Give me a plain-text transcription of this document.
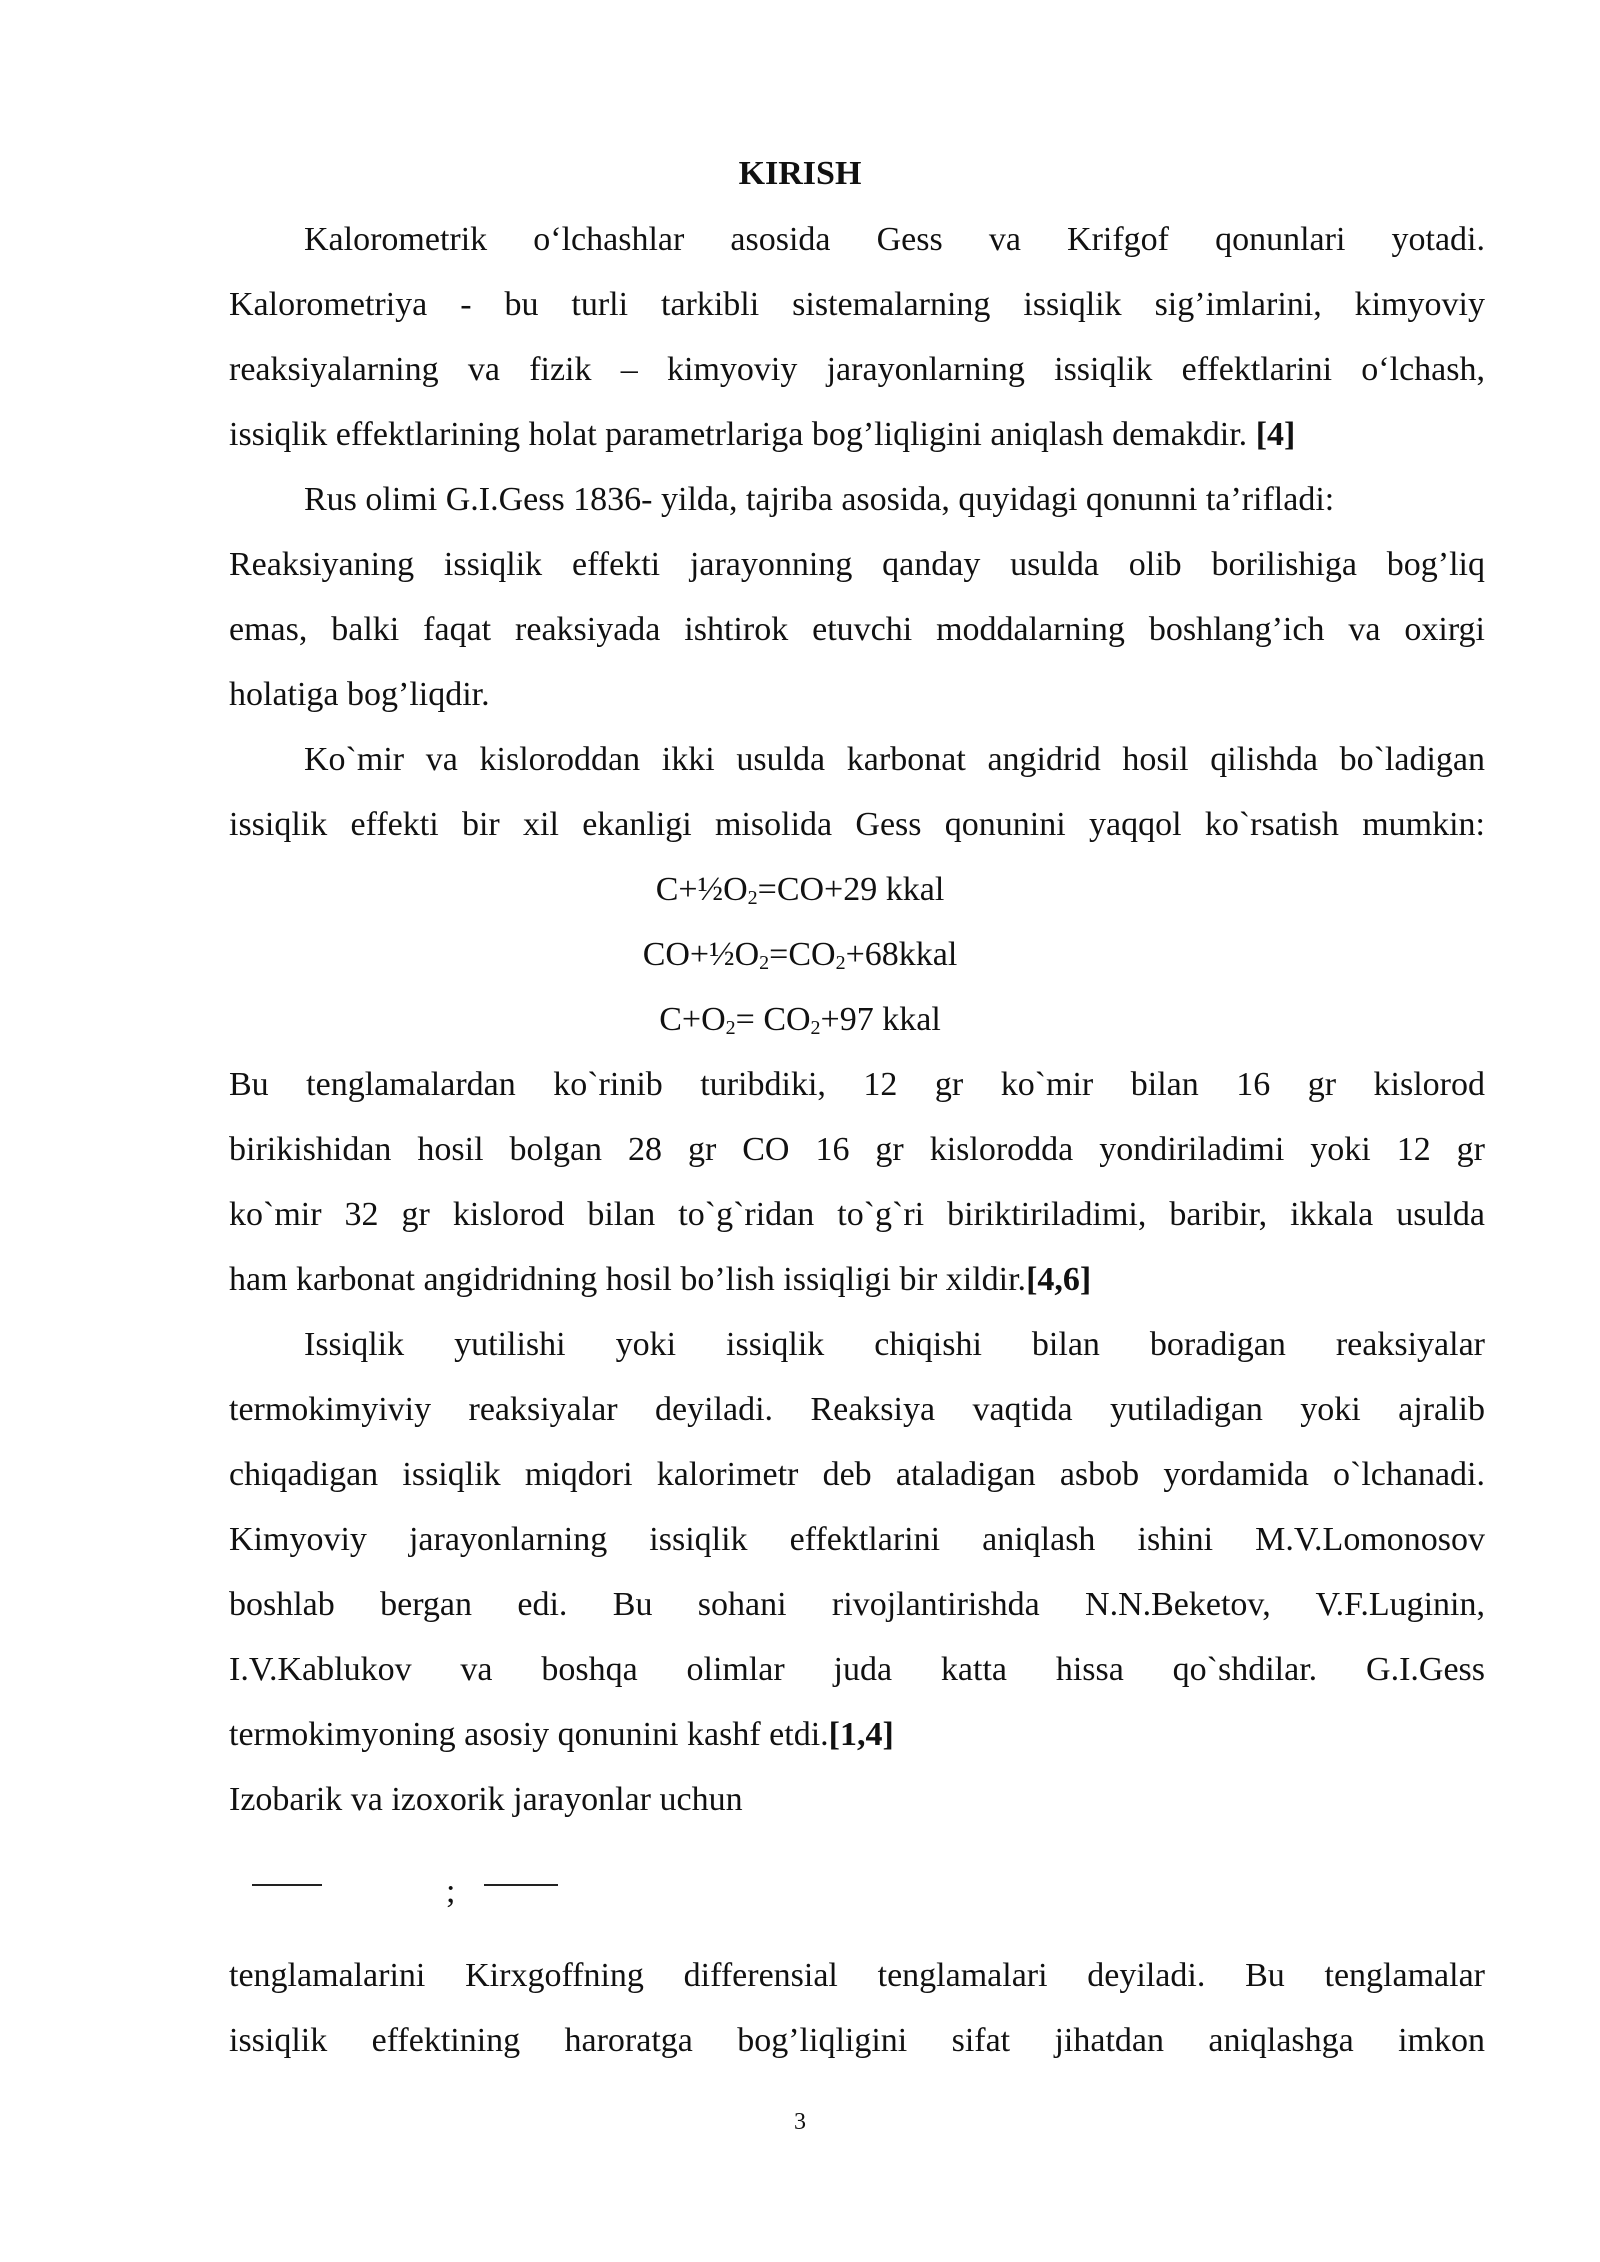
KIRISH
Kalorometrik o‘lchashlar asosida Gess va Krifgof qonunlari yotadi.
Kalorometriya - bu turli tarkibli sistemalarning issiqlik sig’imlarini, kimyoviy
reaksiyalarning va fizik – kimyoviy jarayonlarning issiqlik effektlarini o‘lchash,
issiqlik effektlarining holat parametrlariga bog’liqligini aniqlash demakdir. [4]
Rus olimi G.I.Gess 1836- yilda, tajriba asosida, quyidagi qonunni ta’rifladi:
Reaksiyaning issiqlik effekti jarayonning qanday usulda olib borilishiga bog’liq
emas, balki faqat reaksiyada ishtirok etuvchi moddalarning boshlang’ich va oxirgi
holatiga bog’liqdir.
Ko`mir va kisloroddan ikki usulda karbonat angidrid hosil qilishda bo`ladigan
issiqlik effekti bir xil ekanligi misolida Gess qonunini yaqqol ko`rsatish mumkin:
$C+\frac{1}{2}O_2=CO+29$ kkal
$CO+\frac{1}{2}O_2=CO_2+68kkal$
$C+O_2= CO_2+97$ kkal
Bu tenglamalardan ko`rinib turibdiki, 12 gr ko`mir bilan 16 gr kislorod
birikishidan hosil bolgan 28 gr CO 16 gr kislorodda yondiriladimi yoki 12 gr
ko`mir 32 gr kislorod bilan to`g`ridan to`g`ri biriktiriladimi, baribir, ikkala usulda
ham karbonat angidridning hosil bo’lish issiqligi bir xildir.[4,6]
Issiqlik yutilishi yoki issiqlik chiqishi bilan boradigan reaksiyalar
termokimyiviy reaksiyalar deyiladi. Reaksiya vaqtida yutiladigan yoki ajralib
chiqadigan issiqlik miqdori kalorimetr deb ataladigan asbob yordamida o`lchanadi.
Kimyoviy jarayonlarning issiqlik effektlarini aniqlash ishini M.V.Lomonosov
boshlab bergan edi. Bu sohani rivojlantirishda N.N.Beketov, V.F.Luginin,
I.V.Kablukov va boshqa olimlar juda katta hissa qo`shdilar. G.I.Gess
termokimyoning asosiy qonunini kashf etdi.[1,4]
Izobarik va izoxorik jarayonlar uchun
;
tenglamalarini Kirxgoffning differensial tenglamalari deyiladi. Bu tenglamalar
issiqlik effektining haroratga bog’liqligini sifat jihatdan aniqlashga imkon
3
